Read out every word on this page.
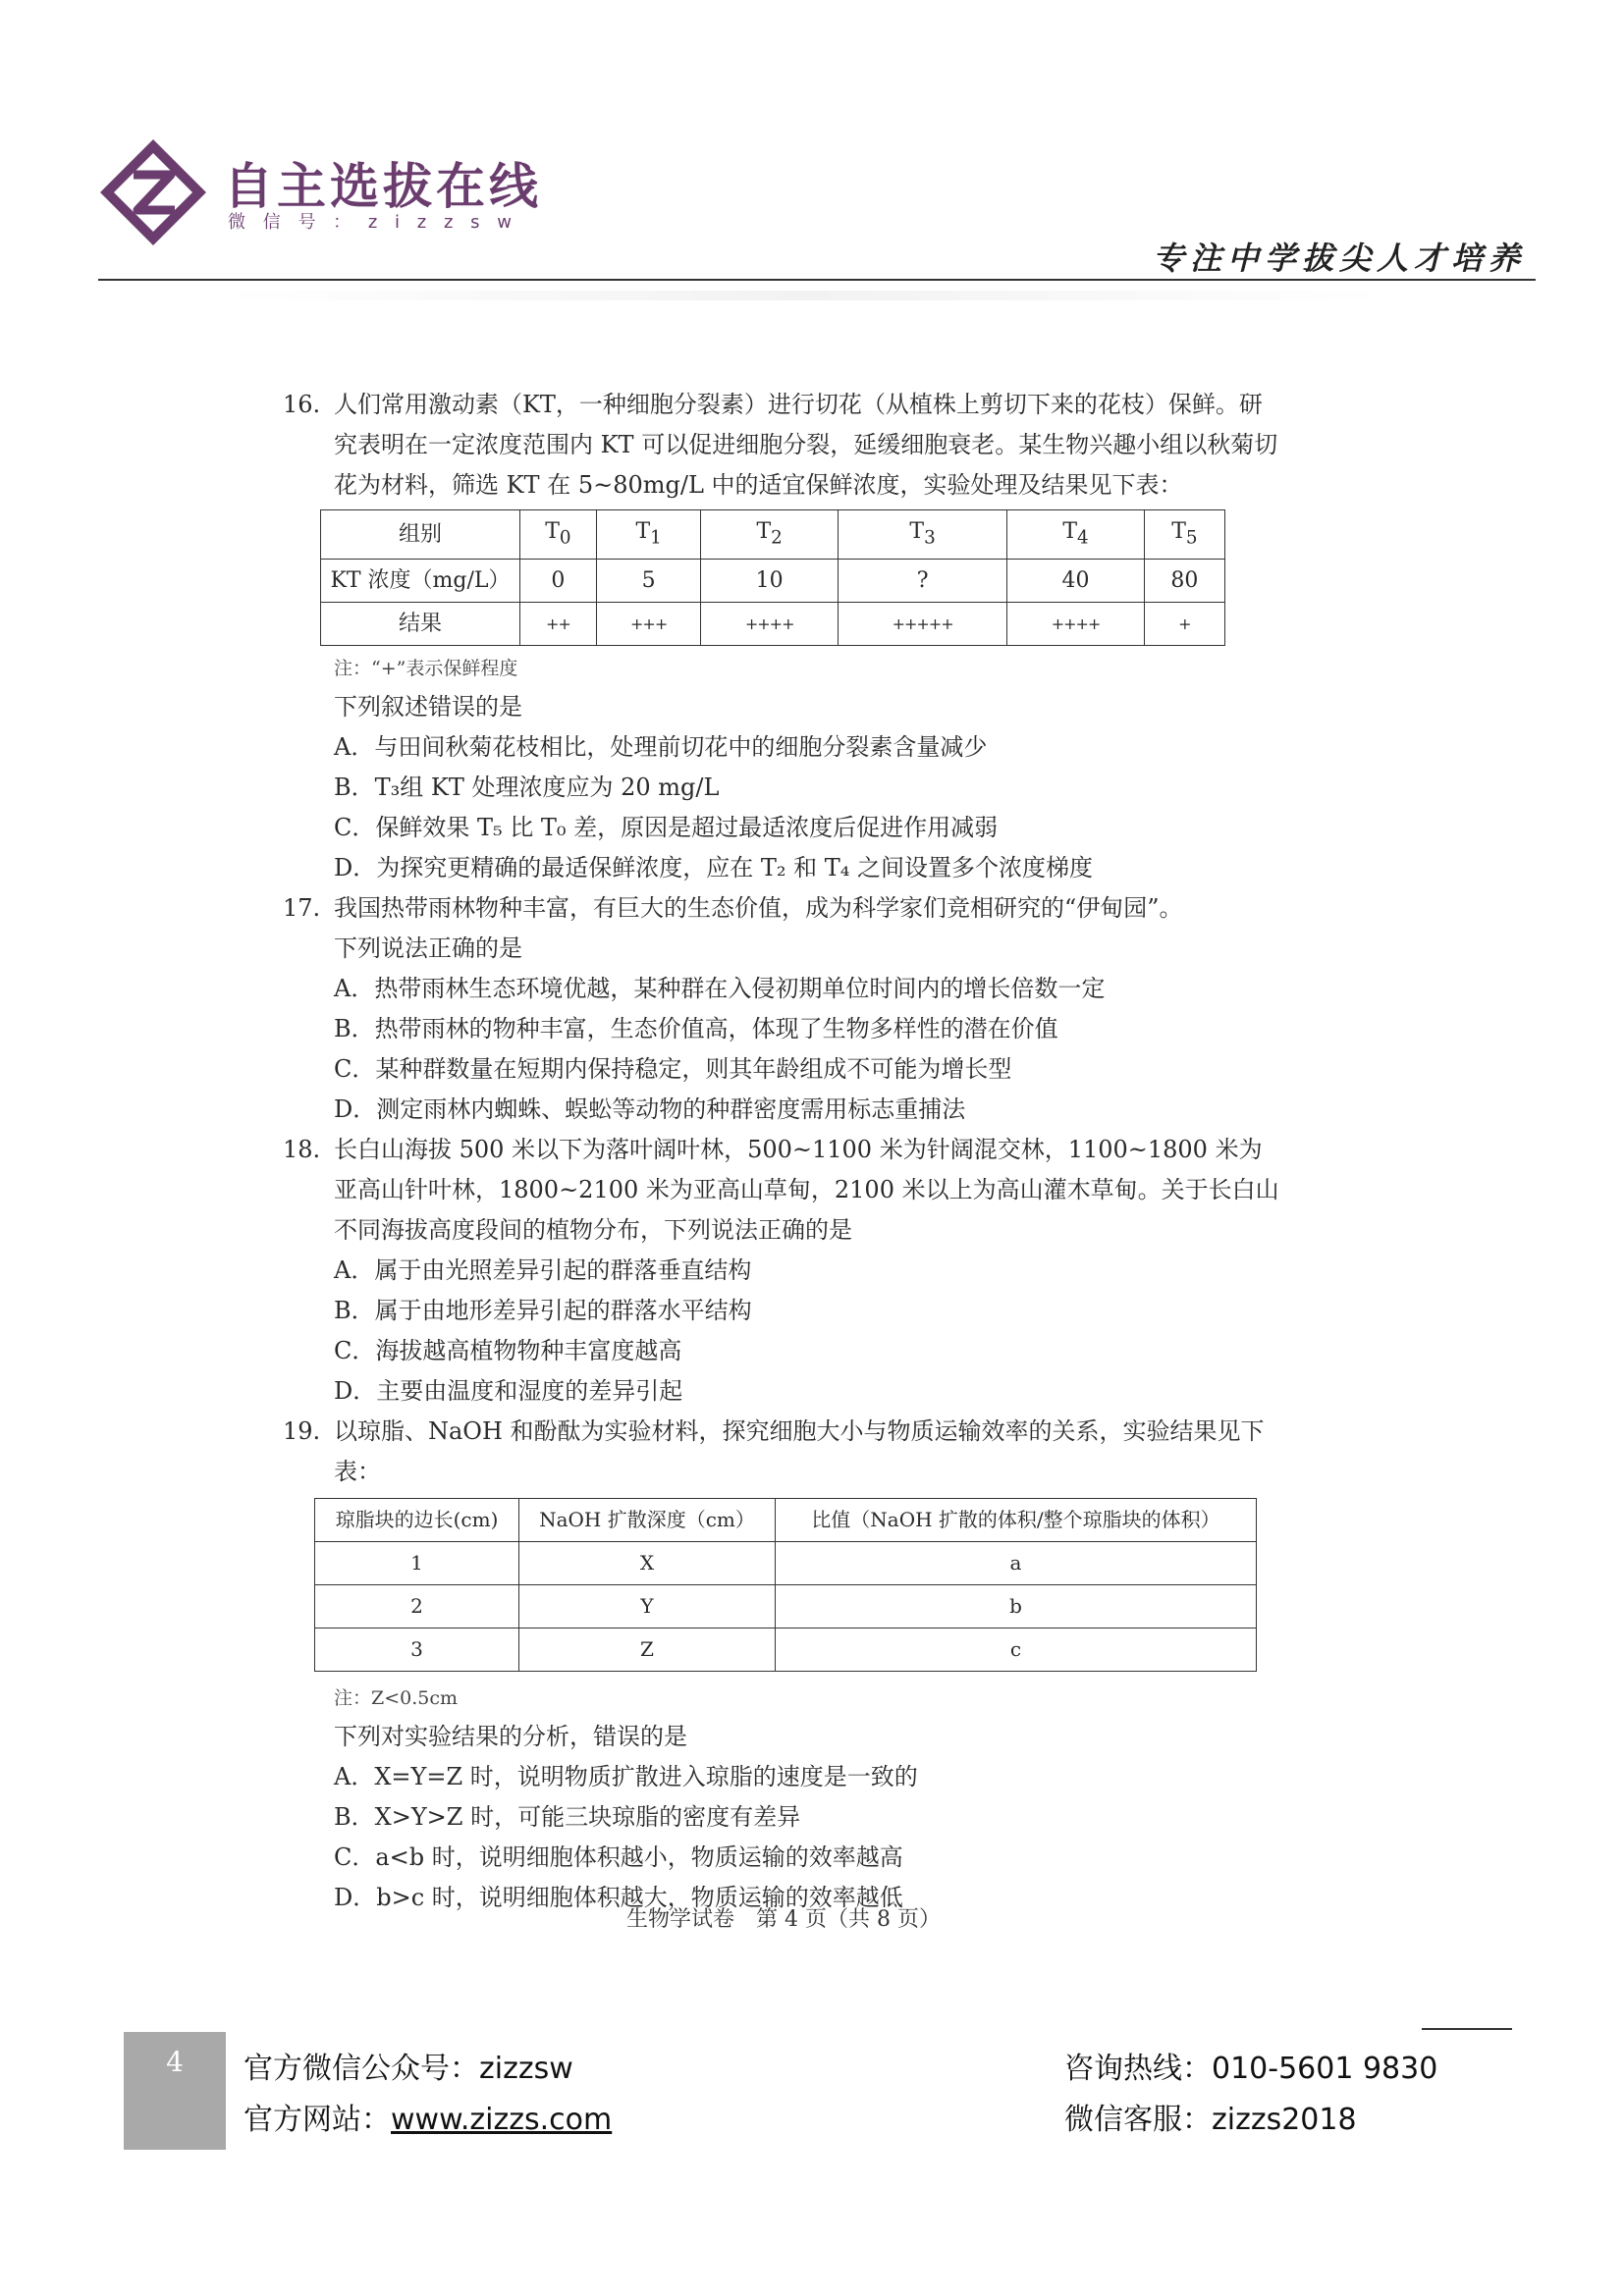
自主选拔在线
微 信 号 ： z i z z s w
专注中学拔尖人才培养
16. 人们常用激动素（KT，一种细胞分裂素）进行切花（从植株上剪切下来的花枝）保鲜。研究表明在一定浓度范围内 KT 可以促进细胞分裂，延缓细胞衰老。某生物兴趣小组以秋菊切花为材料，筛选 KT 在 5~80mg/L 中的适宜保鲜浓度，实验处理及结果见下表：
组别	$T_0$	$T_1$	$T_2$	$T_3$	$T_4$	$T_5$
KT 浓度（mg/L）	0	5	10	?	40	80
结果	++	+++	++++	+++++	++++	+
注：“+”表示保鲜程度
下列叙述错误的是
A．与田间秋菊花枝相比，处理前切花中的细胞分裂素含量减少
B．T₃组 KT 处理浓度应为 20 mg/L
C．保鲜效果 T₅ 比 T₀ 差，原因是超过最适浓度后促进作用减弱
D．为探究更精确的最适保鲜浓度，应在 T₂ 和 T₄ 之间设置多个浓度梯度
17. 我国热带雨林物种丰富，有巨大的生态价值，成为科学家们竞相研究的“伊甸园”。
下列说法正确的是
A．热带雨林生态环境优越，某种群在入侵初期单位时间内的增长倍数一定
B．热带雨林的物种丰富，生态价值高，体现了生物多样性的潜在价值
C．某种群数量在短期内保持稳定，则其年龄组成不可能为增长型
D．测定雨林内蜘蛛、蜈蚣等动物的种群密度需用标志重捕法
18. 长白山海拔 500 米以下为落叶阔叶林，500~1100 米为针阔混交林，1100~1800 米为亚高山针叶林，1800~2100 米为亚高山草甸，2100 米以上为高山灌木草甸。关于长白山不同海拔高度段间的植物分布，下列说法正确的是
A．属于由光照差异引起的群落垂直结构
B．属于由地形差异引起的群落水平结构
C．海拔越高植物物种丰富度越高
D．主要由温度和湿度的差异引起
19. 以琼脂、NaOH 和酚酞为实验材料，探究细胞大小与物质运输效率的关系，实验结果见下表：
琼脂块的边长(cm)	NaOH 扩散深度（cm）	比值（NaOH 扩散的体积/整个琼脂块的体积）
1	X	a
2	Y	b
3	Z	c
注：Z<0.5cm
下列对实验结果的分析，错误的是
A．X=Y=Z 时，说明物质扩散进入琼脂的速度是一致的
B．X>Y>Z 时，可能三块琼脂的密度有差异
C．a<b 时，说明细胞体积越小，物质运输的效率越高
D．b>c 时，说明细胞体积越大，物质运输的效率越低
生物学试卷　第 4 页（共 8 页）
4	官方微信公众号：zizzsw
官方网站：www.zizzs.com
咨询热线：010-5601 9830
微信客服：zizzs2018
